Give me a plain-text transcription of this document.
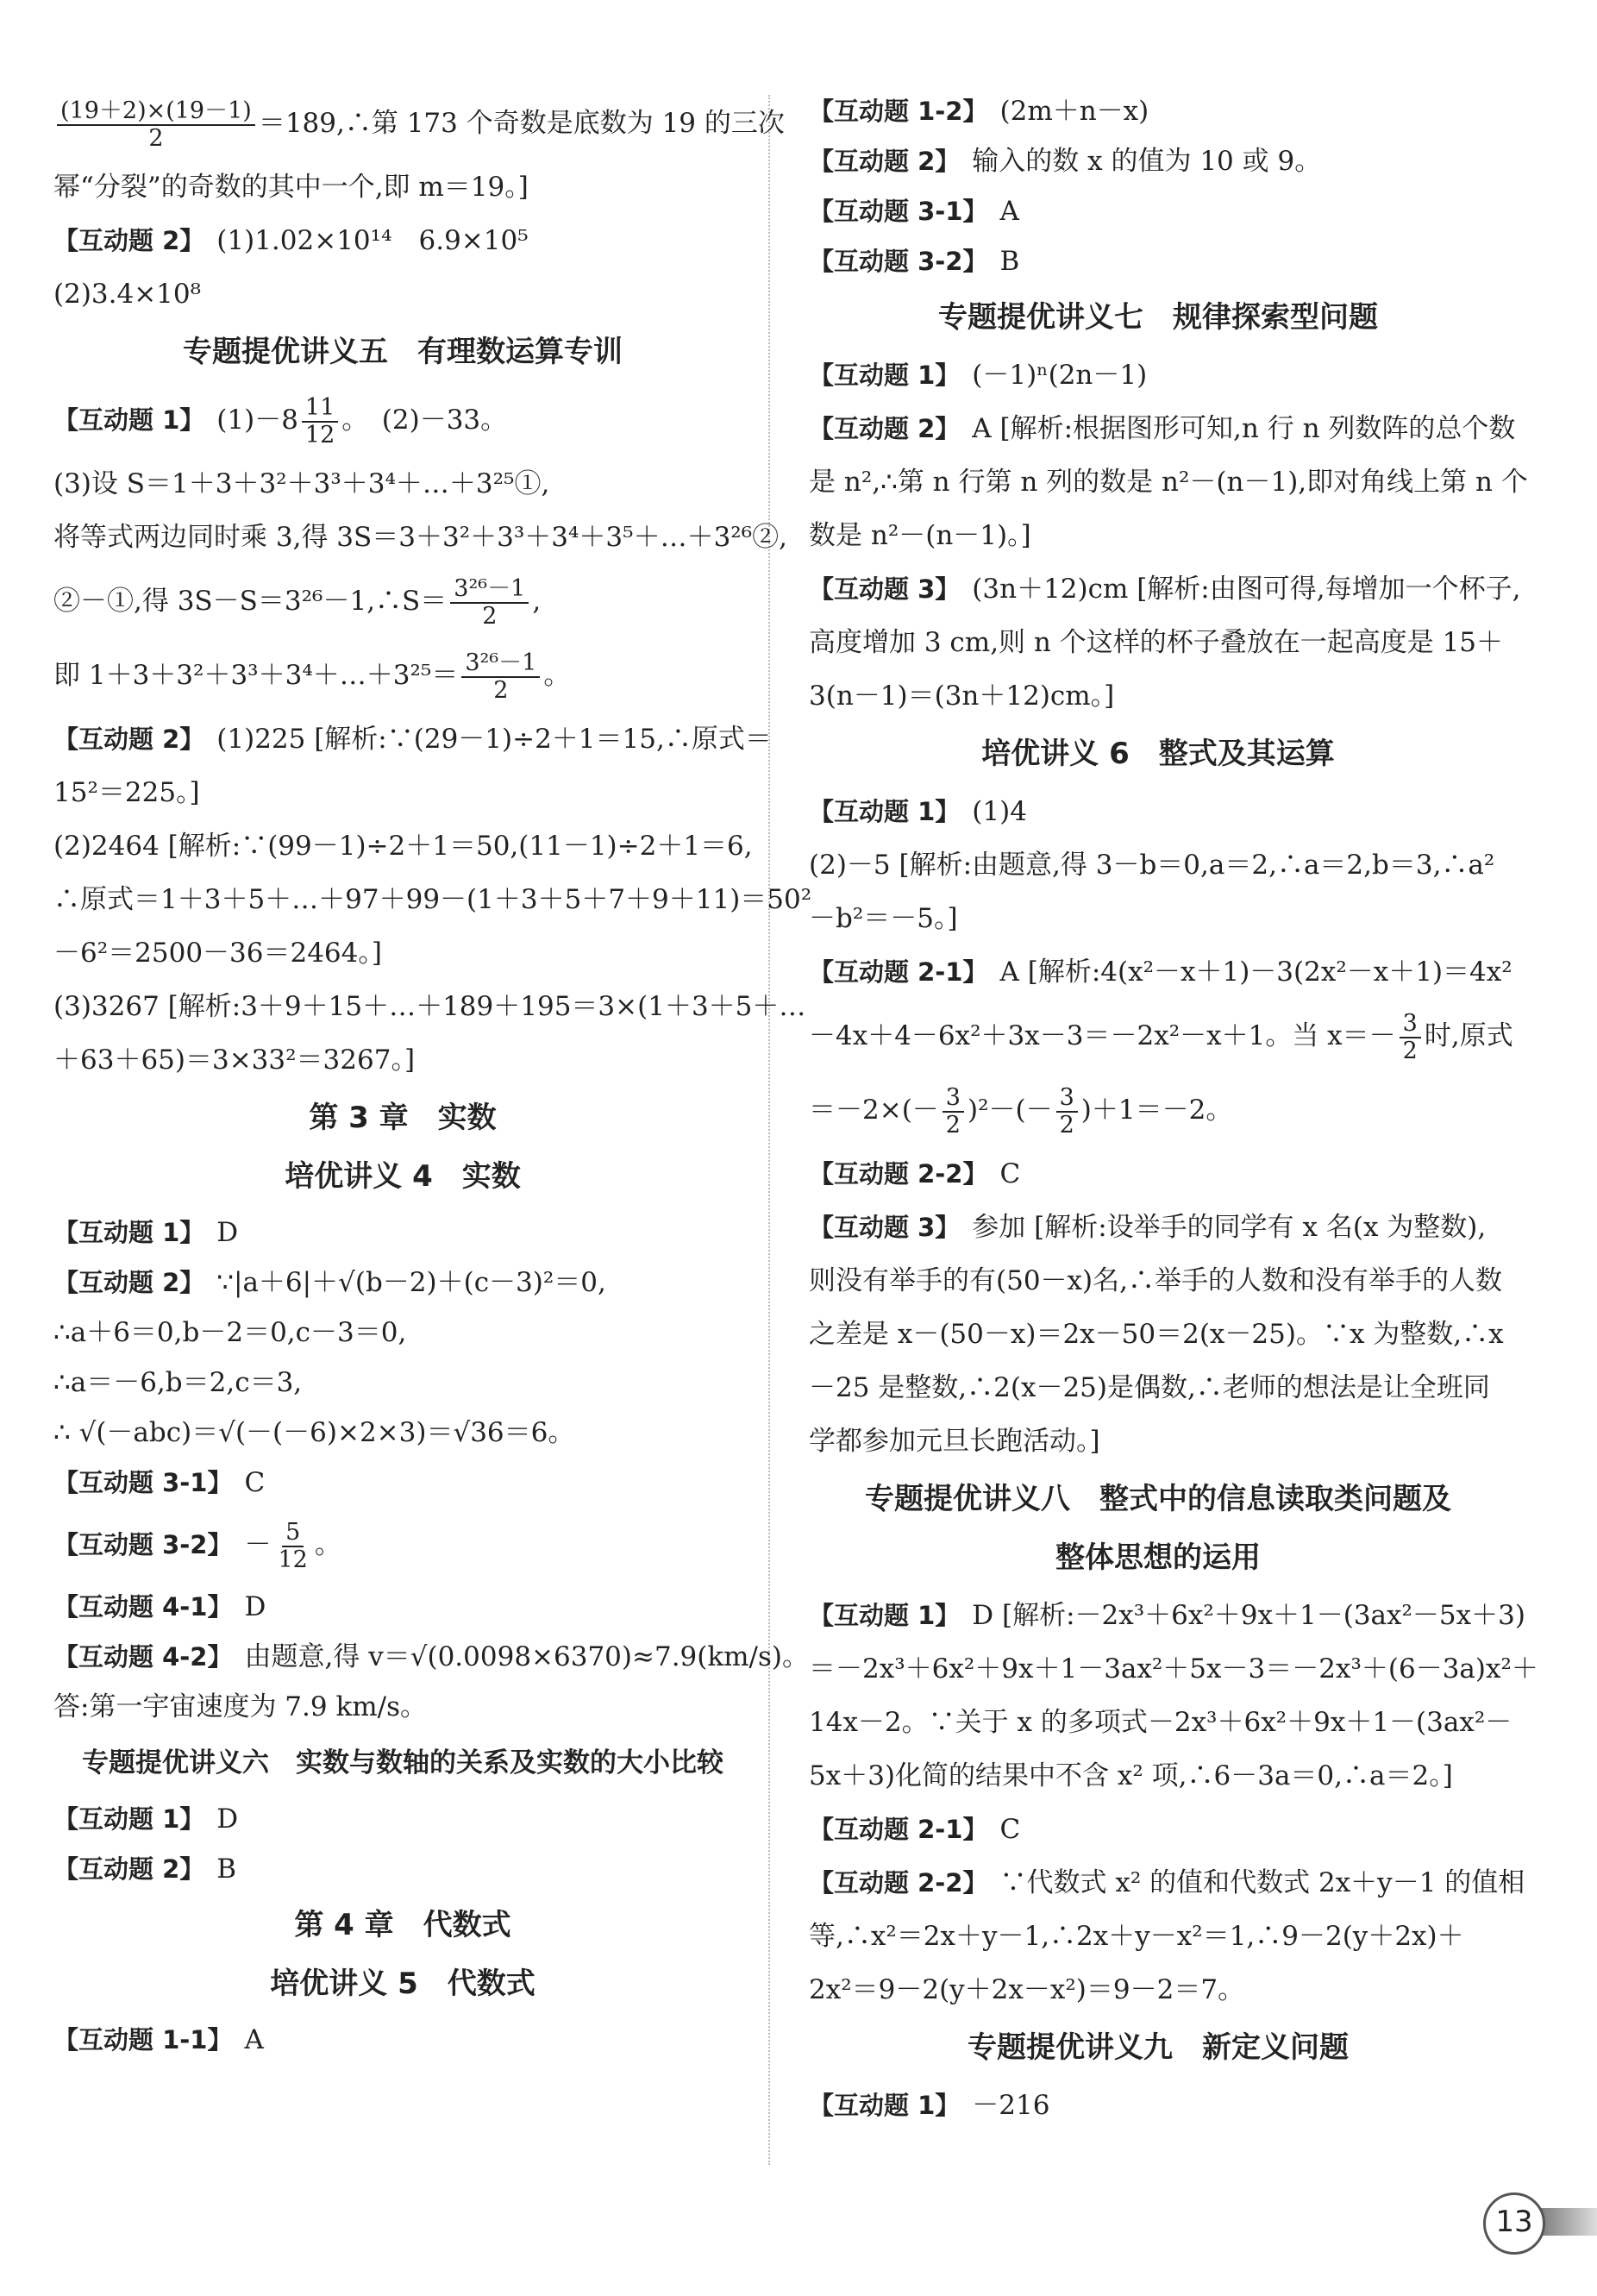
$\frac{(19+2)\times(19-1)}{2}$ ＝189,∴第 173 个奇数是底数为 19 的三次
幂“分裂”的奇数的其中一个,即 m＝19。]
【互动题 2】 (1)1.02×10¹⁴　6.9×10⁵
(2)3.4×10⁸
专题提优讲义五　有理数运算专训
【互动题 1】 $(1)-8 \frac{11}{12}$ 。　(2)－33。
(3)设 S＝1＋3＋3²＋3³＋3⁴＋…＋3²⁵①,
将等式两边同时乘 3,得 3S＝3＋3²＋3³＋3⁴＋3⁵＋…＋3²⁶②,
②－①,得 3S－S＝3²⁶－1,∴S＝ $\frac{\text{3²⁶－1}}{2}$ ,
即 1＋3＋3²＋3³＋3⁴＋…＋3²⁵＝ $\frac{\text{3²⁶－1}}{2}$ 。
【互动题 2】 (1)225 [解析:∵(29－1)÷2＋1＝15,∴原式＝
15²＝225。]
(2)2464 [解析:∵(99－1)÷2＋1＝50,(11－1)÷2＋1＝6,
∴原式＝1＋3＋5＋…＋97＋99－(1＋3＋5＋7＋9＋11)＝50²
－6²＝2500－36＝2464。]
(3)3267 [解析:3＋9＋15＋…＋189＋195＝3×(1＋3＋5＋…
＋63＋65)＝3×33²＝3267。]
第 3 章　实数
培优讲义 4　实数
【互动题 1】 D
【互动题 2】 ∵|a＋6|＋√(b－2)＋(c－3)²＝0,
∴a＋6＝0,b－2＝0,c－3＝0,
∴a＝－6,b＝2,c＝3,
∴ √(－abc)＝√(－(－6)×2×3)＝√36＝6。
【互动题 3-1】 C
【互动题 3-2】 － $\frac{5}{12}$ 。
【互动题 4-1】 D
【互动题 4-2】 由题意,得 v＝√(0.0098×6370)≈7.9(km/s)。
答:第一宇宙速度为 7.9 km/s。
专题提优讲义六　实数与数轴的关系及实数的大小比较
【互动题 1】 D
【互动题 2】 B
第 4 章　代数式
培优讲义 5　代数式
【互动题 1-1】 A
【互动题 1-2】 (2m＋n－x)
【互动题 2】 输入的数 x 的值为 10 或 9。
【互动题 3-1】 A
【互动题 3-2】 B
专题提优讲义七　规律探索型问题
【互动题 1】 (－1)ⁿ(2n－1)
【互动题 2】 A [解析:根据图形可知,n 行 n 列数阵的总个数
是 n²,∴第 n 行第 n 列的数是 n²－(n－1),即对角线上第 n 个
数是 n²－(n－1)。]
【互动题 3】 (3n＋12)cm [解析:由图可得,每增加一个杯子,
高度增加 3 cm,则 n 个这样的杯子叠放在一起高度是 15＋
3(n－1)＝(3n＋12)cm。]
培优讲义 6　整式及其运算
【互动题 1】 (1)4
(2)－5 [解析:由题意,得 3－b＝0,a＝2,∴a＝2,b＝3,∴a²
－b²＝－5。]
【互动题 2-1】 A [解析:4(x²－x＋1)－3(2x²－x＋1)＝4x²
－4x＋4－6x²＋3x－3＝－2x²－x＋1。当 $x=- \frac{3}{2}$ 时,原式
$=-2\times(- \frac{3}{2} )^2-(- \frac{3}{2} )+1=-2$。
【互动题 2-2】 C
【互动题 3】 参加 [解析:设举手的同学有 x 名(x 为整数),
则没有举手的有(50－x)名,∴举手的人数和没有举手的人数
之差是 x－(50－x)＝2x－50＝2(x－25)。∵x 为整数,∴x
－25 是整数,∴2(x－25)是偶数,∴老师的想法是让全班同
学都参加元旦长跑活动。]
专题提优讲义八　整式中的信息读取类问题及
整体思想的运用
【互动题 1】 D [解析:－2x³＋6x²＋9x＋1－(3ax²－5x＋3)
＝－2x³＋6x²＋9x＋1－3ax²＋5x－3＝－2x³＋(6－3a)x²＋
14x－2。∵关于 x 的多项式－2x³＋6x²＋9x＋1－(3ax²－
5x＋3)化简的结果中不含 x² 项,∴6－3a＝0,∴a＝2。]
【互动题 2-1】 C
【互动题 2-2】 ∵代数式 x² 的值和代数式 2x＋y－1 的值相
等,∴x²＝2x＋y－1,∴2x＋y－x²＝1,∴9－2(y＋2x)＋
2x²＝9－2(y＋2x－x²)＝9－2＝7。
专题提优讲义九　新定义问题
【互动题 1】 －216
13
